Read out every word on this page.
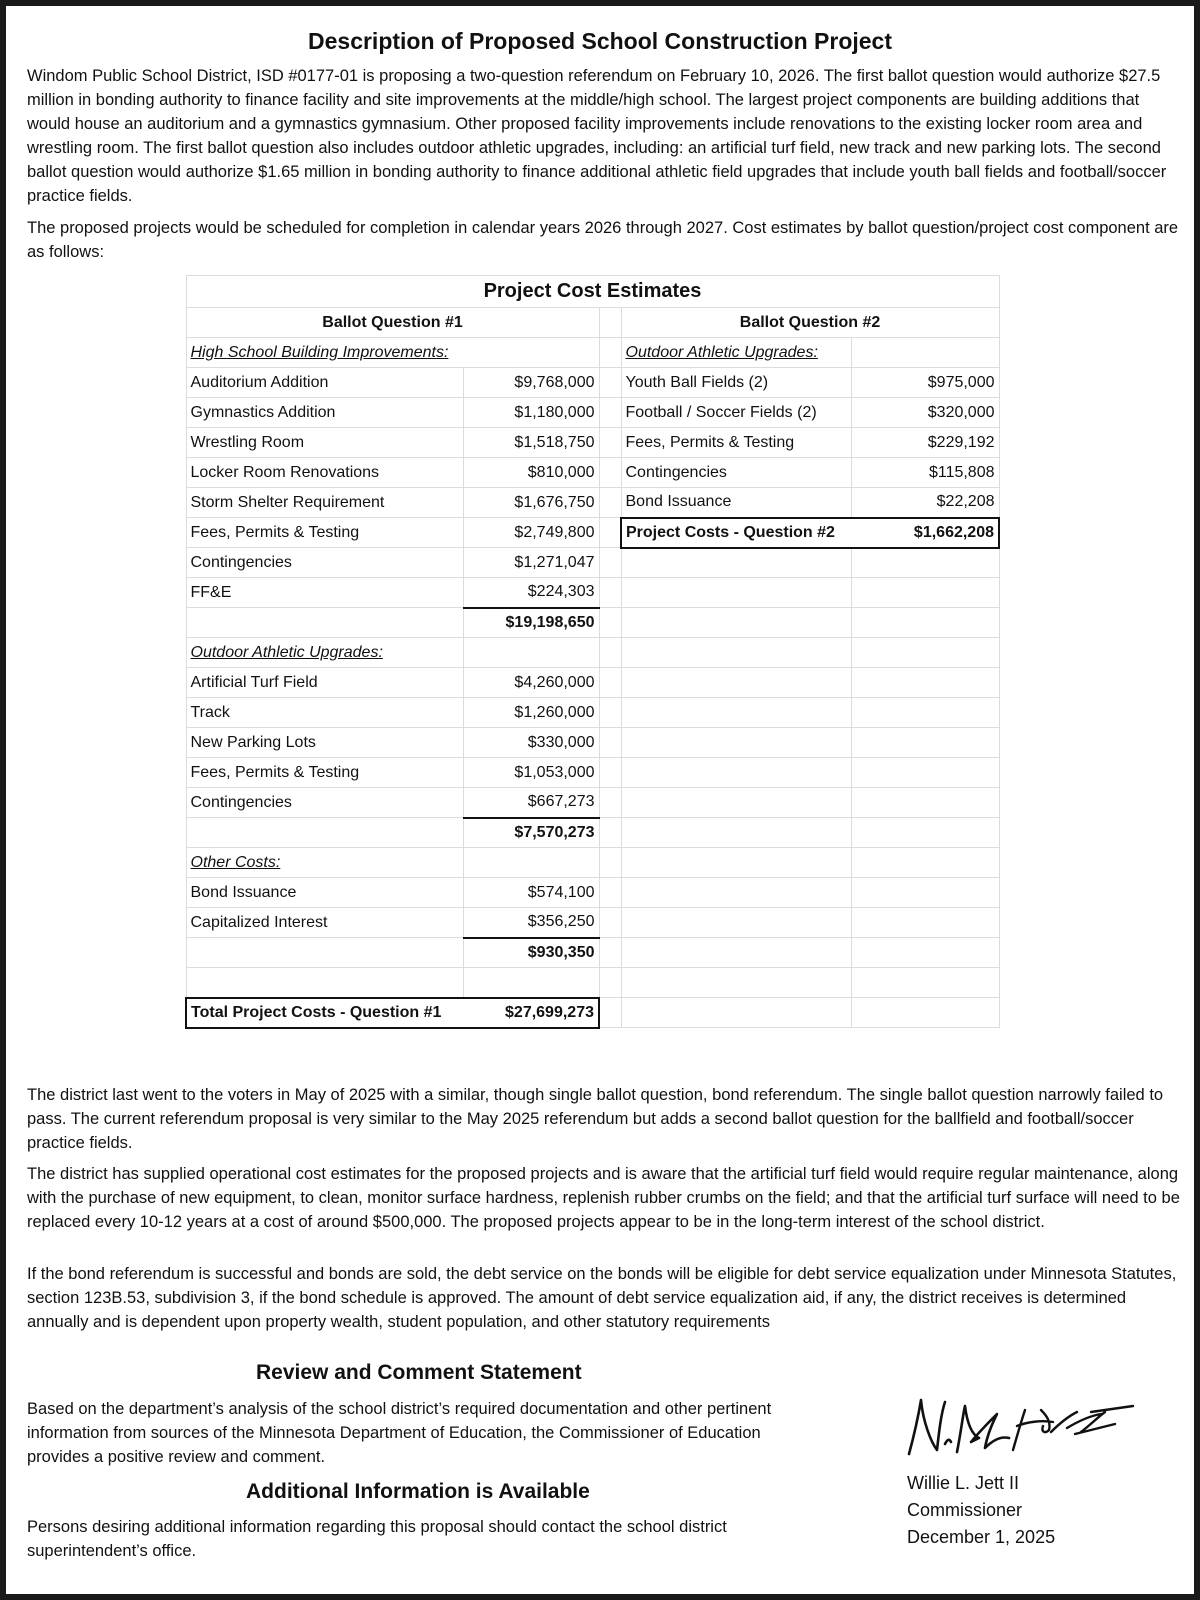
Description of Proposed School Construction Project

Windom Public School District, ISD #0177-01 is proposing a two-question referendum on February 10, 2026. The first ballot question would authorize $27.5 million in bonding authority to finance facility and site improvements at the middle/high school. The largest project components are building additions that would house an auditorium and a gymnastics gymnasium. Other proposed facility improvements include renovations to the existing locker room area and wrestling room. The first ballot question also includes outdoor athletic upgrades, including: an artificial turf field, new track and new parking lots. The second ballot question would authorize $1.65 million in bonding authority to finance additional athletic field upgrades that include youth ball fields and football/soccer practice fields.

The proposed projects would be scheduled for completion in calendar years 2026 through 2027. Cost estimates by ballot question/project cost component are as follows:

Project Cost Estimates				
Ballot Question #1			Ballot Question #2	
High School Building Improvements:			Outdoor Athletic Upgrades:	
Auditorium Addition	$9,768,000		Youth Ball Fields (2)	$975,000
Gymnastics Addition	$1,180,000		Football / Soccer Fields (2)	$320,000
Wrestling Room	$1,518,750		Fees, Permits & Testing	$229,192
Locker Room Renovations	$810,000		Contingencies	$115,808
Storm Shelter Requirement	$1,676,750		Bond Issuance	$22,208
Fees, Permits & Testing	$2,749,800		Project Costs - Question #2	$1,662,208
Contingencies	$1,271,047			
FF&E	$224,303			
	$19,198,650			
Outdoor Athletic Upgrades:				
Artificial Turf Field	$4,260,000			
Track	$1,260,000			
New Parking Lots	$330,000			
Fees, Permits & Testing	$1,053,000			
Contingencies	$667,273			
	$7,570,273			
Other Costs:				
Bond Issuance	$574,100			
Capitalized Interest	$356,250			
	$930,350			

Total Project Costs - Question #1	$27,699,273			

The district last went to the voters in May of 2025 with a similar, though single ballot question, bond referendum. The single ballot question narrowly failed to pass. The current referendum proposal is very similar to the May 2025 referendum but adds a second ballot question for the ballfield and football/soccer practice fields.

The district has supplied operational cost estimates for the proposed projects and is aware that the artificial turf field would require regular maintenance, along with the purchase of new equipment, to clean, monitor surface hardness, replenish rubber crumbs on the field; and that the artificial turf surface will need to be replaced every 10-12 years at a cost of around $500,000. The proposed projects appear to be in the long-term interest of the school district.

If the bond referendum is successful and bonds are sold, the debt service on the bonds will be eligible for debt service equalization under Minnesota Statutes, section 123B.53, subdivision 3, if the bond schedule is approved. The amount of debt service equalization aid, if any, the district receives is determined annually and is dependent upon property wealth, student population, and other statutory requirements

Review and Comment Statement

Based on the department’s analysis of the school district’s required documentation and other pertinent information from sources of the Minnesota Department of Education, the Commissioner of Education provides a positive review and comment.

Additional Information is Available

Persons desiring additional information regarding this proposal should contact the school district superintendent’s office.

Willie L. Jett II
Commissioner
December 1, 2025
